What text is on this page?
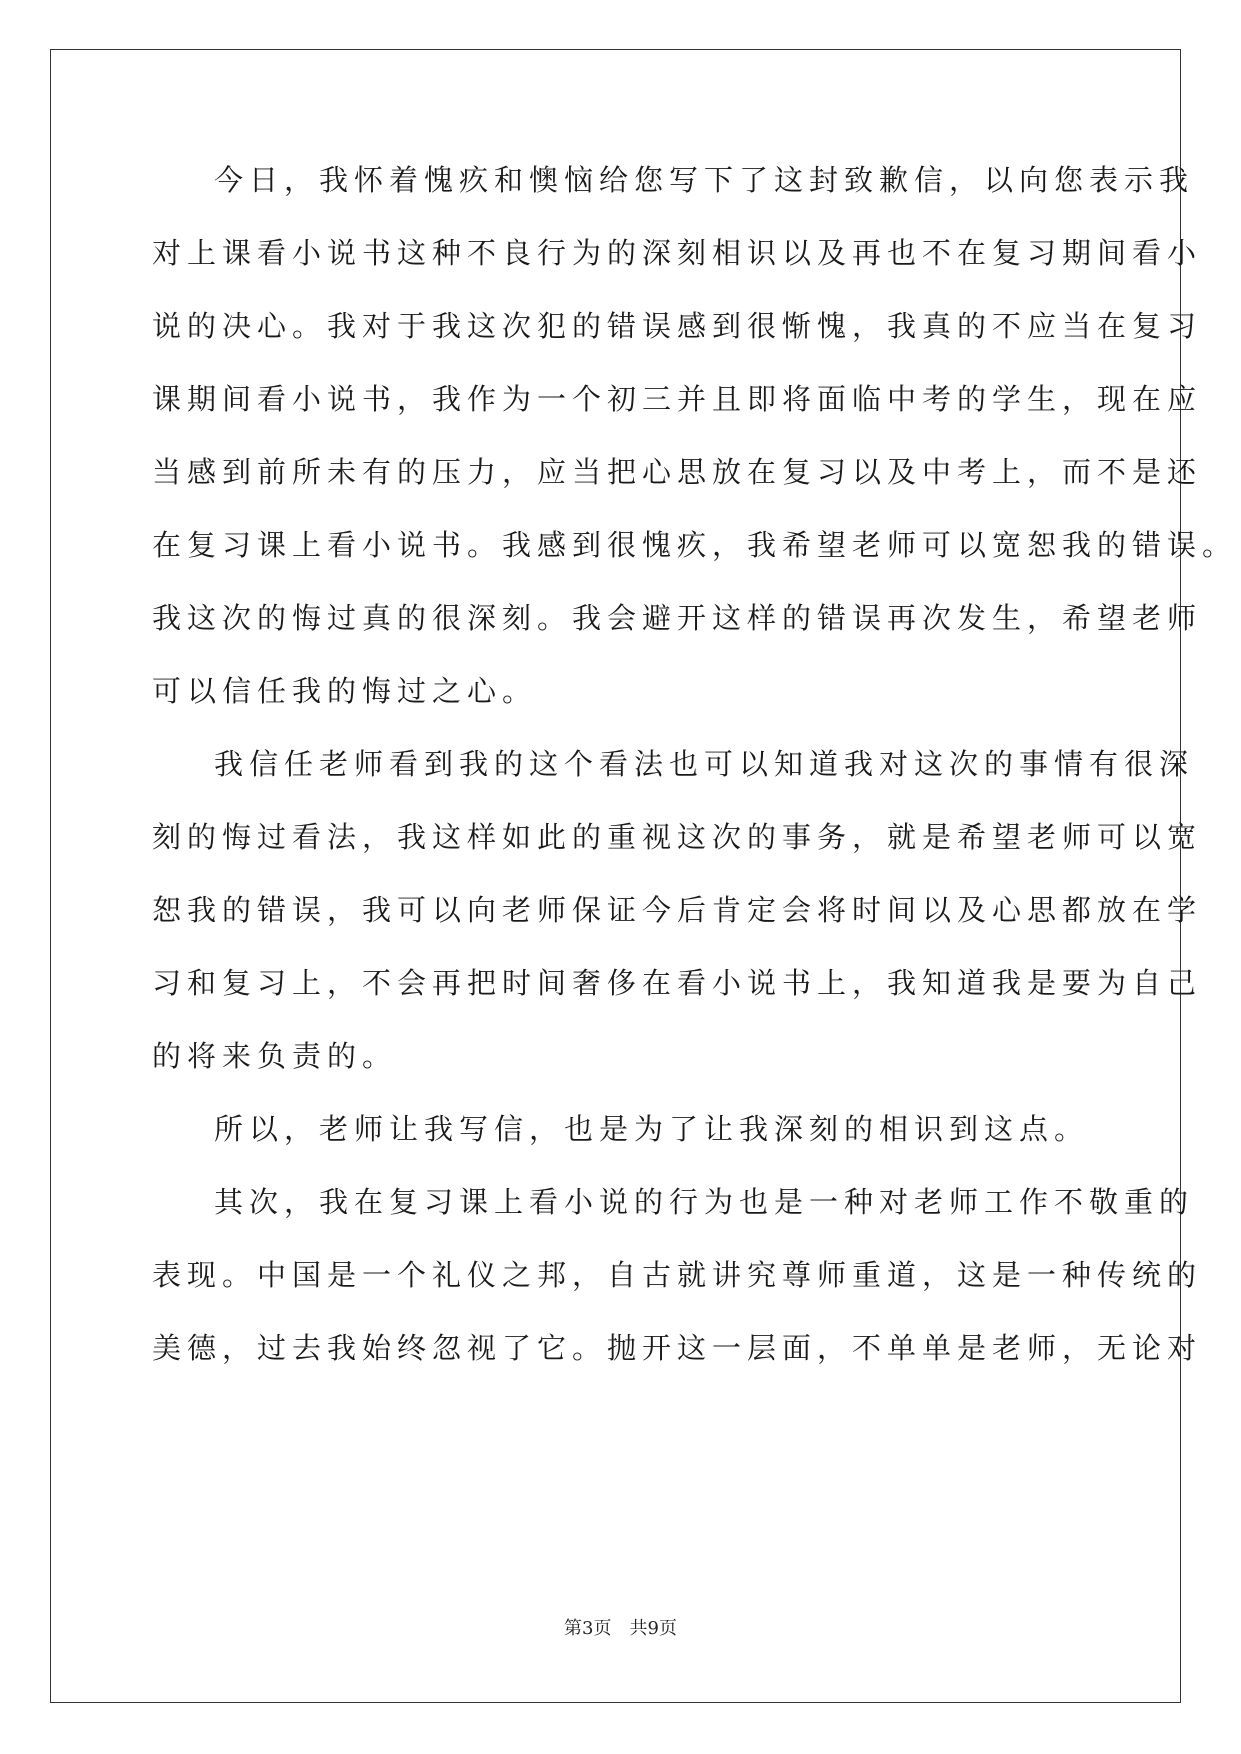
今日，我怀着愧疚和懊恼给您写下了这封致歉信，以向您表示我
对上课看小说书这种不良行为的深刻相识以及再也不在复习期间看小
说的决心。我对于我这次犯的错误感到很惭愧，我真的不应当在复习
课期间看小说书，我作为一个初三并且即将面临中考的学生，现在应
当感到前所未有的压力，应当把心思放在复习以及中考上，而不是还
在复习课上看小说书。我感到很愧疚，我希望老师可以宽恕我的错误。
我这次的悔过真的很深刻。我会避开这样的错误再次发生，希望老师
可以信任我的悔过之心。
我信任老师看到我的这个看法也可以知道我对这次的事情有很深
刻的悔过看法，我这样如此的重视这次的事务，就是希望老师可以宽
恕我的错误，我可以向老师保证今后肯定会将时间以及心思都放在学
习和复习上，不会再把时间奢侈在看小说书上，我知道我是要为自己
的将来负责的。
所以，老师让我写信，也是为了让我深刻的相识到这点。
其次，我在复习课上看小说的行为也是一种对老师工作不敬重的
表现。中国是一个礼仪之邦，自古就讲究尊师重道，这是一种传统的
美德，过去我始终忽视了它。抛开这一层面，不单单是老师，无论对
第3页 共9页
